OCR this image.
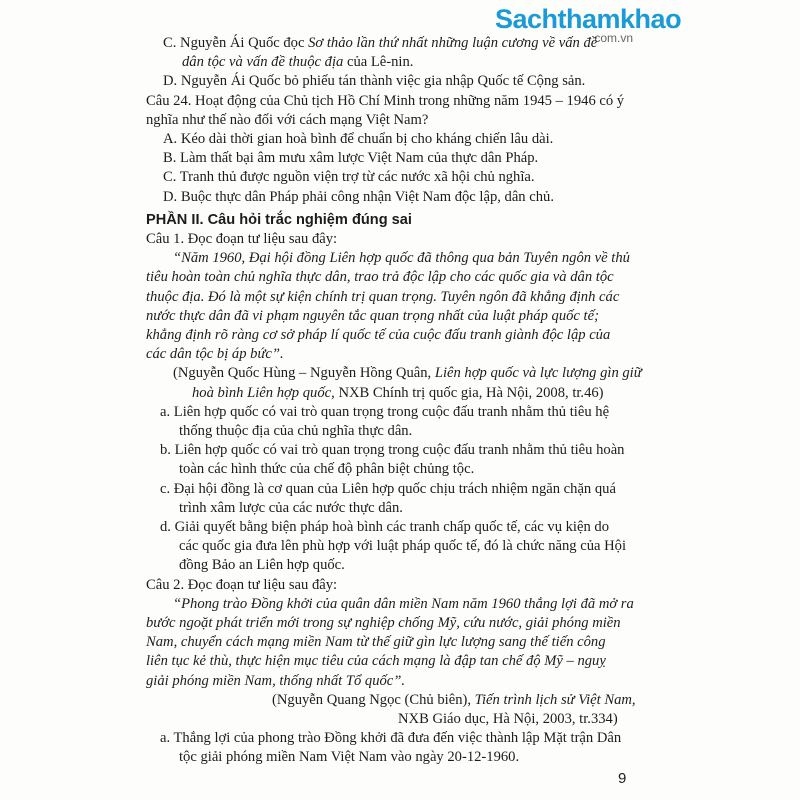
Sachthamkhao
.com.vn
C. Nguyễn Ái Quốc đọc Sơ thảo lần thứ nhất những luận cương về vấn đề
dân tộc và vấn đề thuộc địa của Lê-nin.
D. Nguyễn Ái Quốc bỏ phiếu tán thành việc gia nhập Quốc tế Cộng sản.
Câu 24. Hoạt động của Chủ tịch Hồ Chí Minh trong những năm 1945 – 1946 có ý
nghĩa như thế nào đối với cách mạng Việt Nam?
A. Kéo dài thời gian hoà bình để chuẩn bị cho kháng chiến lâu dài.
B. Làm thất bại âm mưu xâm lược Việt Nam của thực dân Pháp.
C. Tranh thủ được nguồn viện trợ từ các nước xã hội chủ nghĩa.
D. Buộc thực dân Pháp phải công nhận Việt Nam độc lập, dân chủ.
PHẦN II. Câu hỏi trắc nghiệm đúng sai
Câu 1. Đọc đoạn tư liệu sau đây:
“Năm 1960, Đại hội đồng Liên hợp quốc đã thông qua bản Tuyên ngôn về thủ
tiêu hoàn toàn chủ nghĩa thực dân, trao trả độc lập cho các quốc gia và dân tộc
thuộc địa. Đó là một sự kiện chính trị quan trọng. Tuyên ngôn đã khẳng định các
nước thực dân đã vi phạm nguyên tắc quan trọng nhất của luật pháp quốc tế;
khẳng định rõ ràng cơ sở pháp lí quốc tế của cuộc đấu tranh giành độc lập của
các dân tộc bị áp bức”.
(Nguyễn Quốc Hùng – Nguyễn Hồng Quân, Liên hợp quốc và lực lượng gìn giữ
hoà bình Liên hợp quốc, NXB Chính trị quốc gia, Hà Nội, 2008, tr.46)
a. Liên hợp quốc có vai trò quan trọng trong cuộc đấu tranh nhằm thủ tiêu hệ
thống thuộc địa của chủ nghĩa thực dân.
b. Liên hợp quốc có vai trò quan trọng trong cuộc đấu tranh nhằm thủ tiêu hoàn
toàn các hình thức của chế độ phân biệt chủng tộc.
c. Đại hội đồng là cơ quan của Liên hợp quốc chịu trách nhiệm ngăn chặn quá
trình xâm lược của các nước thực dân.
d. Giải quyết bằng biện pháp hoà bình các tranh chấp quốc tế, các vụ kiện do
các quốc gia đưa lên phù hợp với luật pháp quốc tế, đó là chức năng của Hội
đồng Bảo an Liên hợp quốc.
Câu 2. Đọc đoạn tư liệu sau đây:
“Phong trào Đồng khởi của quân dân miền Nam năm 1960 thắng lợi đã mở ra
bước ngoặt phát triển mới trong sự nghiệp chống Mỹ, cứu nước, giải phóng miền
Nam, chuyển cách mạng miền Nam từ thế giữ gìn lực lượng sang thế tiến công
liên tục kẻ thù, thực hiện mục tiêu của cách mạng là đập tan chế độ Mỹ – nguỵ
giải phóng miền Nam, thống nhất Tổ quốc”.
(Nguyễn Quang Ngọc (Chủ biên), Tiến trình lịch sử Việt Nam,
NXB Giáo dục, Hà Nội, 2003, tr.334)
a. Thắng lợi của phong trào Đồng khởi đã đưa đến việc thành lập Mặt trận Dân
tộc giải phóng miền Nam Việt Nam vào ngày 20-12-1960.
9
